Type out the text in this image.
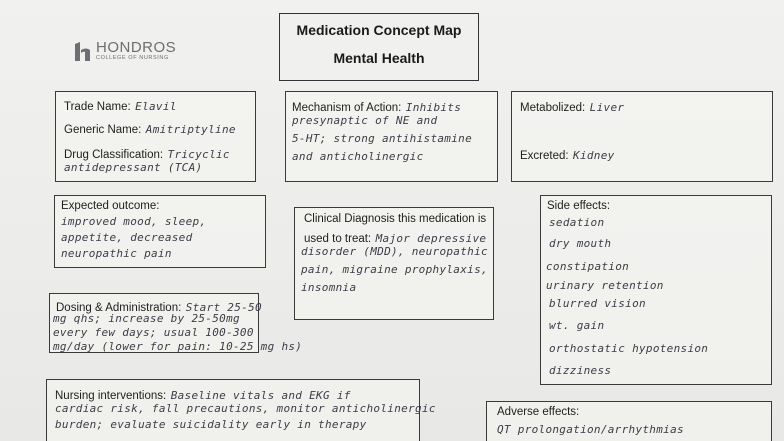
HONDROS
COLLEGE OF NURSING
Medication Concept Map
Mental Health
Trade Name: Elavil
Generic Name: Amitriptyline
Drug Classification: Tricyclic
antidepressant (TCA)
Mechanism of Action: Inhibits
presynaptic of NE and
5-HT; strong antihistamine
and anticholinergic
Metabolized: Liver
Excreted: Kidney
Expected outcome:
improved mood, sleep,
appetite, decreased
neuropathic pain
Clinical Diagnosis this medication is
used to treat: Major depressive
disorder (MDD), neuropathic
pain, migraine prophylaxis,
insomnia
Side effects:
sedation
dry mouth
constipation
urinary retention
blurred vision
wt. gain
orthostatic hypotension
dizziness
Dosing & Administration: Start 25-50
mg qhs; increase by 25-50mg
every few days; usual 100-300
mg/day (lower for pain: 10-25 mg hs)
Nursing interventions: Baseline vitals and EKG if
cardiac risk, fall precautions, monitor anticholinergic
burden; evaluate suicidality early in therapy
Adverse effects:
QT prolongation/arrhythmias
